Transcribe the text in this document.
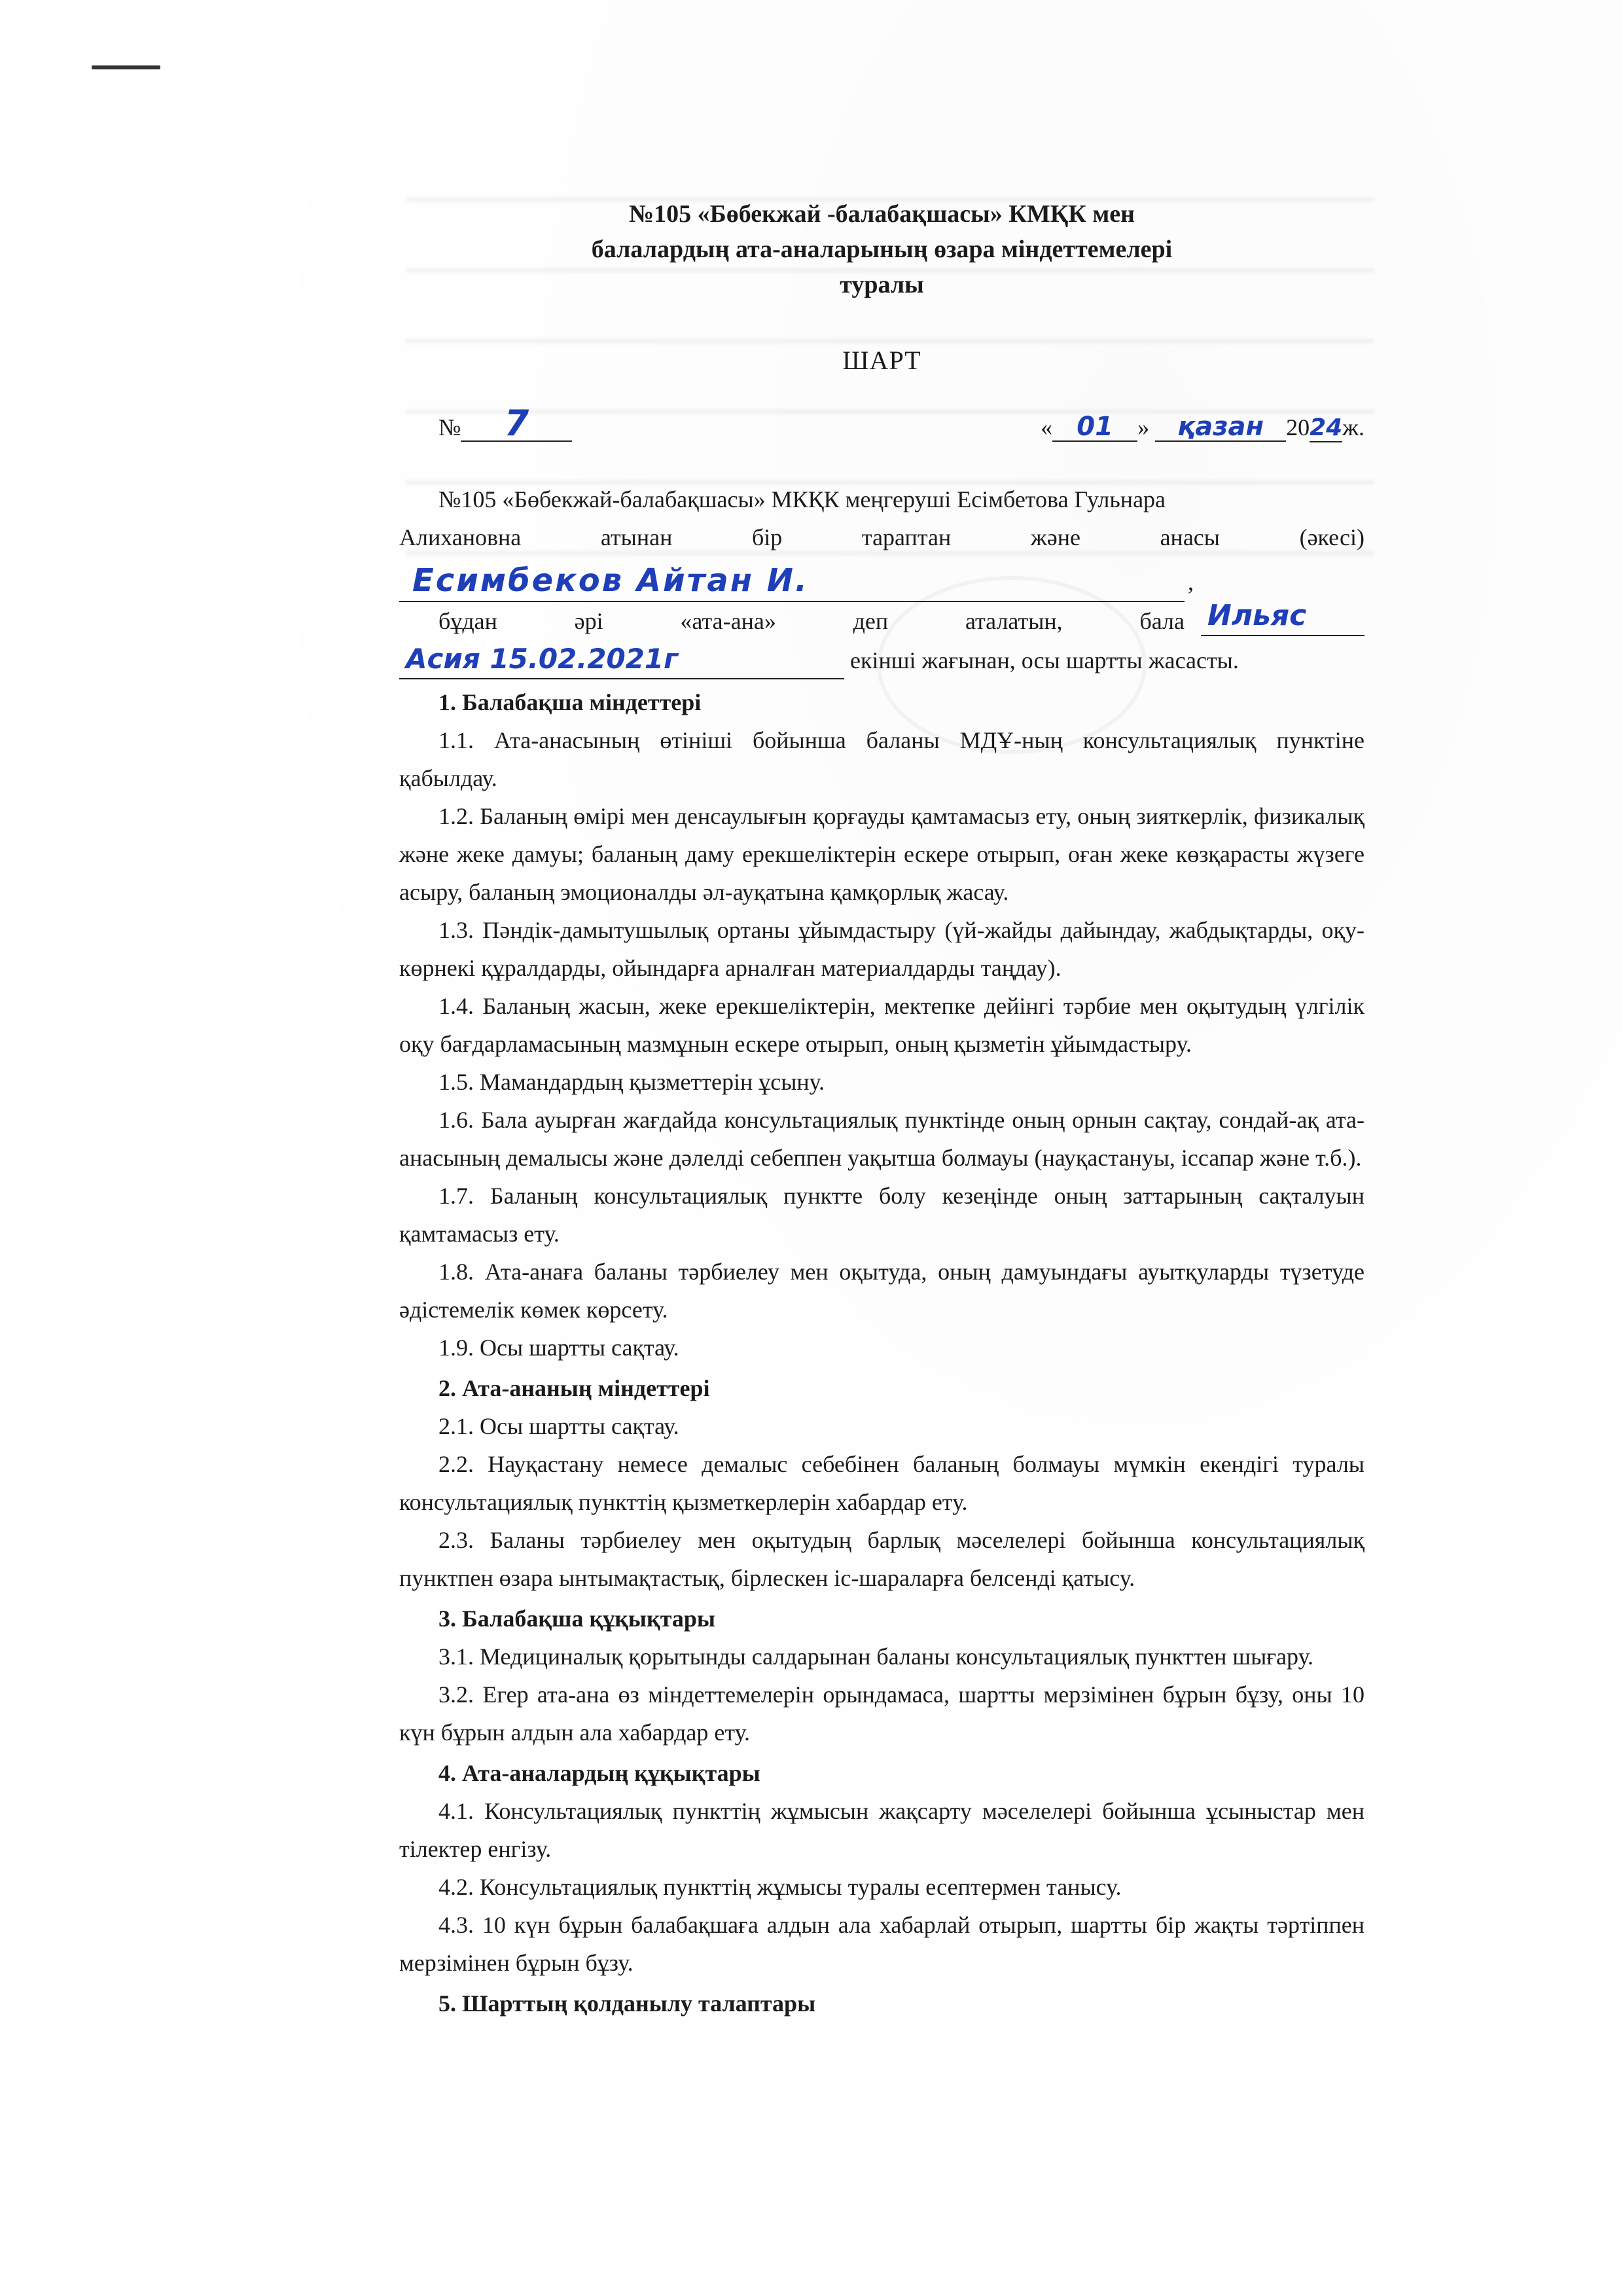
№105 «Бөбекжай -балабақшасы» КМҚК мен
балалардың ата-аналарының өзара міндеттемелері
туралы
ШАРТ
№ 7	« 01 » қазан 2024ж.

№105 «Бөбекжай-балабақшасы» МКҚК меңгеруші Есімбетова Гульнара

Алихановна атынан бір тараптан және анасы (әкесі)

Есимбеков Айтан И.	,
бұдан әрі «ата-ана» деп аталатын, бала Ильяс
Асия 15.02.2021г	екінші жағынан, осы шартты жасасты.

1. Балабақша міндеттері

1.1. Ата-анасының өтініші бойынша баланы МДҰ-ның консультациялық пунктіне қабылдау.

1.2. Баланың өмірі мен денсаулығын қорғауды қамтамасыз ету, оның зияткерлік, физикалық және жеке дамуы; баланың даму ерекшеліктерін ескере отырып, оған жеке көзқарасты жүзеге асыру, баланың эмоционалды әл-ауқатына қамқорлық жасау.

1.3. Пәндік-дамытушылық ортаны ұйымдастыру (үй-жайды дайындау, жабдықтарды, оқу-көрнекі құралдарды, ойындарға арналған материалдарды таңдау).

1.4. Баланың жасын, жеке ерекшеліктерін, мектепке дейінгі тәрбие мен оқытудың үлгілік оқу бағдарламасының мазмұнын ескере отырып, оның қызметін ұйымдастыру.

1.5. Мамандардың қызметтерін ұсыну.

1.6. Бала ауырған жағдайда консультациялық пунктінде оның орнын сақтау, сондай-ақ ата-анасының демалысы және дәлелді себеппен уақытша болмауы (науқастануы, іссапар және т.б.).

1.7. Баланың консультациялық пунктте болу кезеңінде оның заттарының сақталуын қамтамасыз ету.

1.8. Ата-анаға баланы тәрбиелеу мен оқытуда, оның дамуындағы ауытқуларды түзетуде әдістемелік көмек көрсету.

1.9. Осы шартты сақтау.

2. Ата-ананың міндеттері

2.1. Осы шартты сақтау.

2.2. Науқастану немесе демалыс себебінен баланың болмауы мүмкін екендігі туралы консультациялық пункттің қызметкерлерін хабардар ету.

2.3. Баланы тәрбиелеу мен оқытудың барлық мәселелері бойынша консультациялық пунктпен өзара ынтымақтастық, бірлескен іс-шараларға белсенді қатысу.

3. Балабақша құқықтары

3.1. Медициналық қорытынды салдарынан баланы консультациялық пункттен шығару.

3.2. Егер ата-ана өз міндеттемелерін орындамаса, шартты мерзімінен бұрын бұзу, оны 10 күн бұрын алдын ала хабардар ету.

4. Ата-аналардың құқықтары

4.1. Консультациялық пункттің жұмысын жақсарту мәселелері бойынша ұсыныстар мен тілектер енгізу.

4.2. Консультациялық пункттің жұмысы туралы есептермен танысу.

4.3. 10 күн бұрын балабақшаға алдын ала хабарлай отырып, шартты бір жақты тәртіппен мерзімінен бұрын бұзу.

5. Шарттың қолданылу талаптары
